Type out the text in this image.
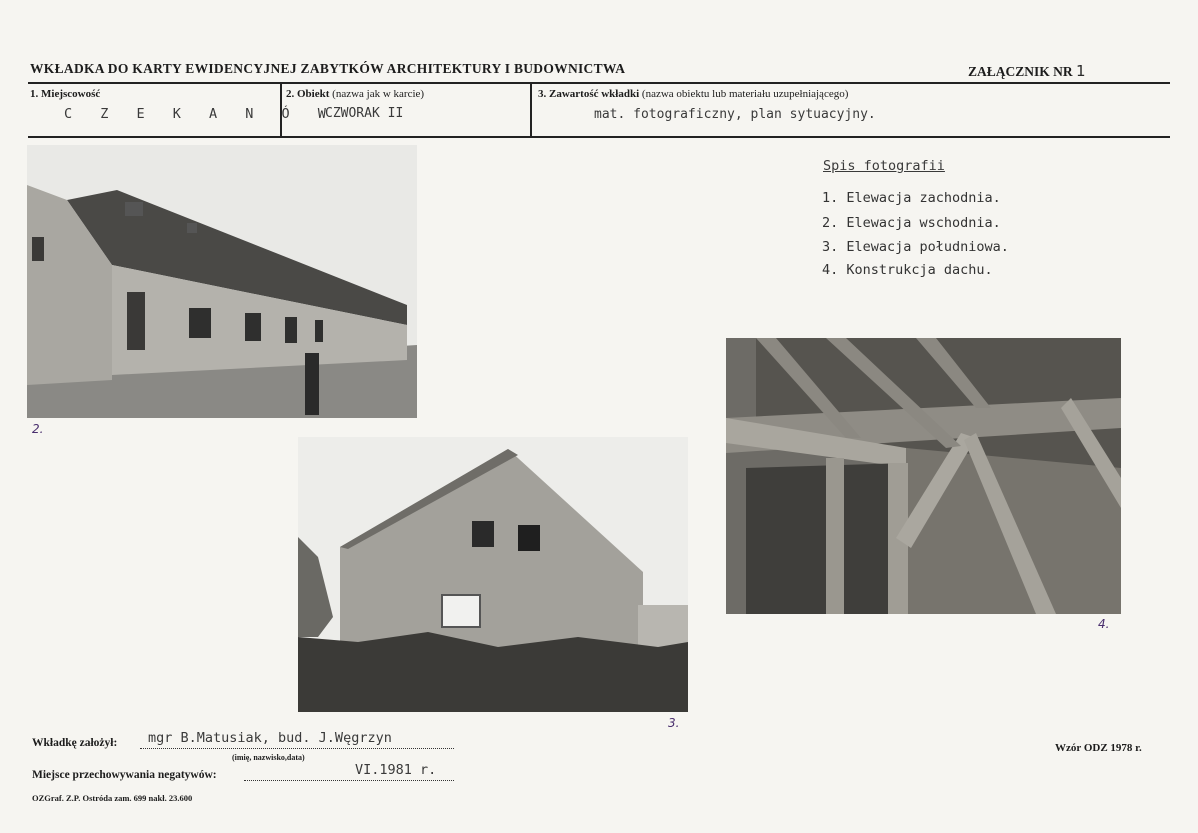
WKŁADKA DO KARTY EWIDENCYJNEJ ZABYTKÓW ARCHITEKTURY I BUDOWNICTWA	ZAŁĄCZNIK NR 1
1. Miejscowość
C Z E K A N Ó W
2. Obiekt (nazwa jak w karcie)
CZWORAK II
3. Zawartość wkładki (nazwa obiektu lub materiału uzupełniającego)
mat. fotograficzny, plan sytuacyjny.
2.
3.
4.
Spis fotografii
1. Elewacja zachodnia.
2. Elewacja wschodnia.
3. Elewacja południowa.
4. Konstrukcja dachu.
Wkładkę założył: mgr B.Matusiak, bud. J.Węgrzyn
(imię, nazwisko,data)
Miejsce przechowywania negatywów:	VI.1981 r.
Wzór ODZ 1978 r.
OZGraf. Z.P. Ostróda zam. 699 nakł. 23.600
